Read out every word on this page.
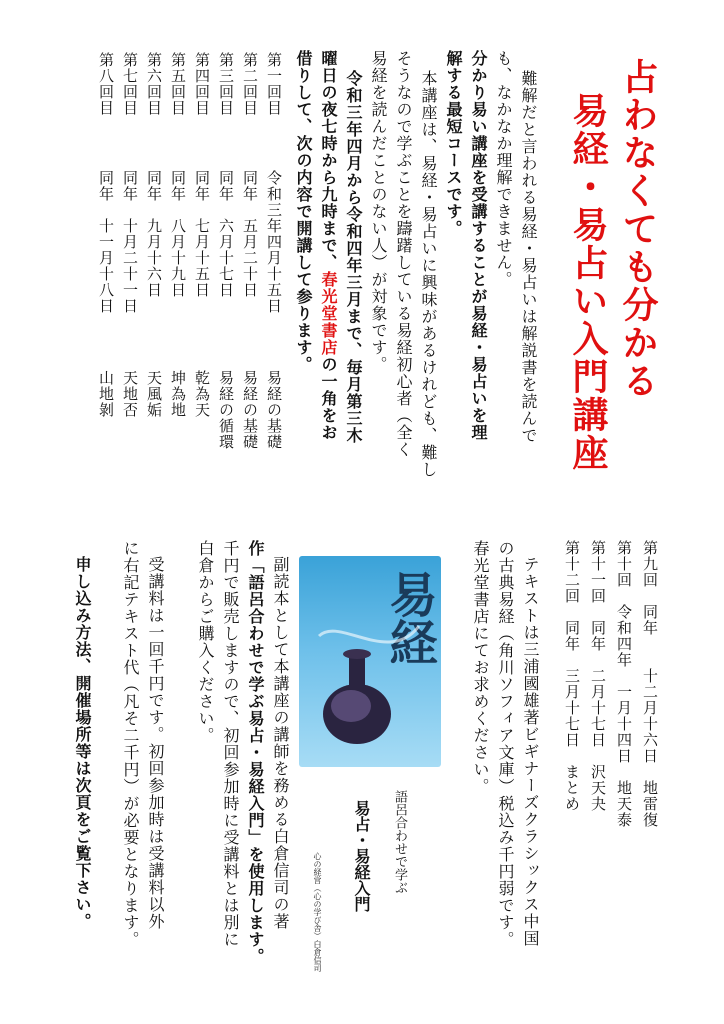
占わなくても分かる
易経・易占い入門講座
難解だと言われる易経・易占いは解説書を読んで
も、なかなか理解できません。
分かり易い講座を受講することが易経・易占いを理
解する最短コースです。
本講座は、易経・易占いに興味があるけれども、難し
そうなので学ぶことを躊躇している易経初心者（全く
易経を読んだことのない人）が対象です。
令和三年四月から令和四年三月まで、毎月第三木
曜日の夜七時から九時まで、春光堂書店の一角をお
借りして、次の内容で開講して参ります。
第一回目
令和三年四月十五日
易経の基礎
第二回目
同年　五月二十日
易経の基礎
第三回目
同年　六月十七日
易経の循環
第四回目
同年　七月十五日
乾為天
第五回目
同年　八月十九日
坤為地
第六回目
同年　九月十六日
天風姤
第七回目
同年　十月二十一日
天地否
第八回目
同年　十一月十八日
山地剝
第九回　同年　　十二月十六日　地雷復
第十回　令和四年　一月十四日　地天泰
第十一回　同年　二月十七日　沢天夬
第十二回　同年　三月十七日　まとめ
テキストは三浦國雄著ビギナーズクラシックス中国
の古典易経（角川ソフィア文庫）税込み千円弱です。
春光堂書店にてお求めください。
易経
語呂合わせで学ぶ
易占・易経入門
心の経営（心の学び舎）白倉信司
副読本として本講座の講師を務める白倉信司の著
作「語呂合わせで学ぶ易占・易経入門」を使用します。
千円で販売しますので、初回参加時に受講料とは別に
白倉からご購入ください。
受講料は一回千円です。初回参加時は受講料以外
に右記テキスト代（凡そ二千円）が必要となります。
申し込み方法、開催場所等は次頁をご覧下さい。
